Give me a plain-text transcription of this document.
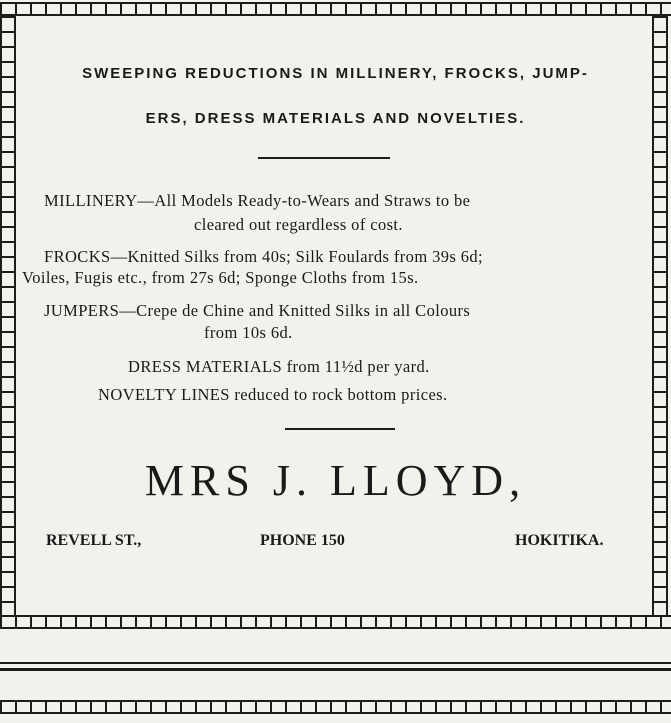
SWEEPING REDUCTIONS IN MILLINERY, FROCKS, JUMP-
ERS, DRESS MATERIALS AND NOVELTIES.
MILLINERY—All Models Ready-to-Wears and Straws to be
cleared out regardless of cost.
FROCKS—Knitted Silks from 40s; Silk Foulards from 39s 6d;
Voiles, Fugis etc., from 27s 6d; Sponge Cloths from 15s.
JUMPERS—Crepe de Chine and Knitted Silks in all Colours
from 10s 6d.
DRESS MATERIALS from 11½d per yard.
NOVELTY LINES reduced to rock bottom prices.
MRS J. LLOYD,
REVELL ST.,	PHONE 150	HOKITIKA.
